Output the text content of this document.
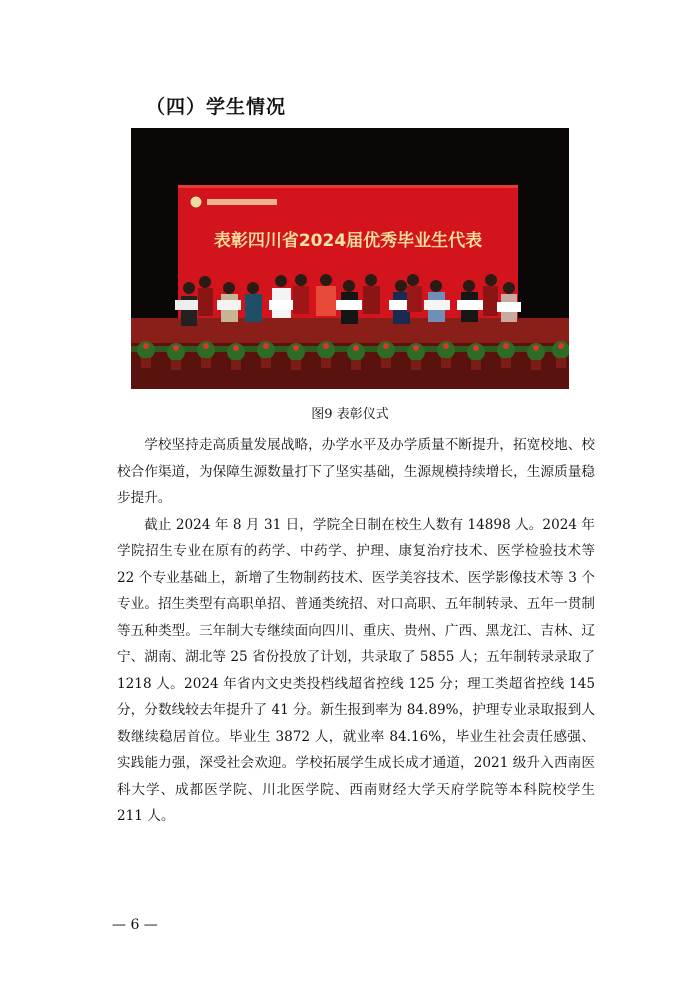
（四）学生情况
表彰四川省2024届优秀毕业生代表

图9 表彰仪式

学校坚持走高质量发展战略，办学水平及办学质量不断提升，拓宽校地、校校合作渠道，为保障生源数量打下了坚实基础，生源规模持续增长，生源质量稳步提升。

截止 2024 年 8 月 31 日，学院全日制在校生人数有 14898 人。2024 年学院招生专业在原有的药学、中药学、护理、康复治疗技术、医学检验技术等 22 个专业基础上，新增了生物制药技术、医学美容技术、医学影像技术等 3 个专业。招生类型有高职单招、普通类统招、对口高职、五年制转录、五年一贯制等五种类型。三年制大专继续面向四川、重庆、贵州、广西、黑龙江、吉林、辽宁、湖南、湖北等 25 省份投放了计划，共录取了 5855 人；五年制转录录取了 1218 人。2024 年省内文史类投档线超省控线 125 分；理工类超省控线 145 分，分数线较去年提升了 41 分。新生报到率为 84.89%，护理专业录取报到人数继续稳居首位。毕业生 3872 人，就业率 84.16%，毕业生社会责任感强、实践能力强，深受社会欢迎。学校拓展学生成长成才通道，2021 级升入西南医科大学、成都医学院、川北医学院、西南财经大学天府学院等本科院校学生 211 人。

— 6 —
